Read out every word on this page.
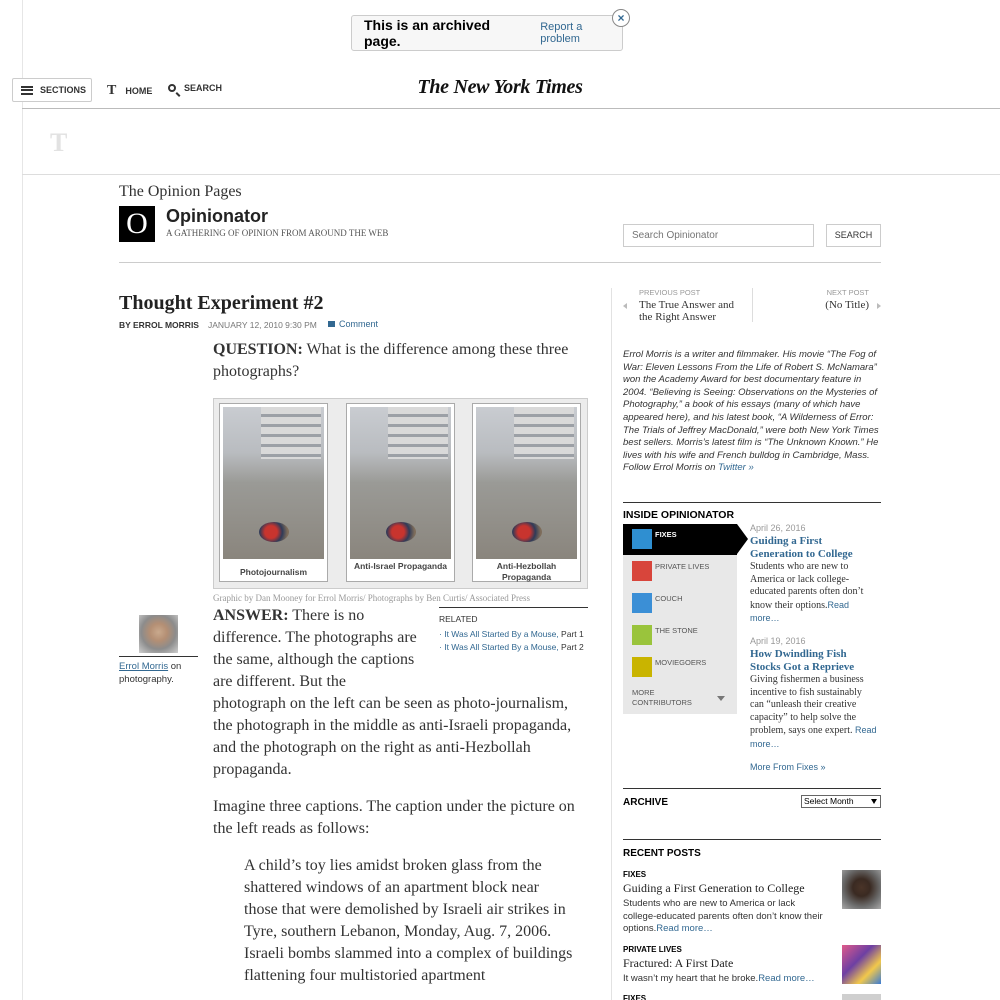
This is an archived page.
Report a problem
×
SECTIONS T HOME	SEARCH	The New York Times
T
The Opinion Pages
O	Opinionator
A GATHERING OF OPINION FROM AROUND THE WEB
Search Opinionator	SEARCH
Thought Experiment #2
BY ERROL MORRIS JANUARY 12, 2010 9:30 PM	Comment
QUESTION: What is the difference among these three photographs?
Photojournalism
Anti-Israel Propaganda	Anti-Hezbollah Propaganda
Graphic by Dan Mooney for Errol Morris/ Photographs by Ben Curtis/ Associated Press
Errol Morris on photography.
ANSWER: There is no difference. The photographs are the same, although the captions are different. But the
photograph on the left can be seen as photo-journalism, the photograph in the middle as anti-Israeli propaganda, and the photograph on the right as anti-Hezbollah propaganda.
RELATED
· It Was All Started By a Mouse, Part 1
· It Was All Started By a Mouse, Part 2
Imagine three captions. The caption under the picture on the left reads as follows:
A child’s toy lies amidst broken glass from the shattered windows of an apartment block near those that were demolished by Israeli air strikes in Tyre, southern Lebanon, Monday, Aug. 7, 2006. Israeli bombs slammed into a complex of buildings flattening four multistoried apartment
PREVIOUS POST
The True Answer and the Right Answer
NEXT POST
(No Title)
Errol Morris is a writer and filmmaker. His movie “The Fog of War: Eleven Lessons From the Life of Robert S. McNamara” won the Academy Award for best documentary feature in 2004. “Believing is Seeing: Observations on the Mysteries of Photography,” a book of his essays (many of which have appeared here), and his latest book, “A Wilderness of Error: The Trials of Jeffrey MacDonald,” were both New York Times best sellers. Morris’s latest film is “The Unknown Known.” He lives with his wife and French bulldog in Cambridge, Mass. Follow Errol Morris on Twitter »
INSIDE OPINIONATOR
FIXES
PRIVATE LIVES
COUCH
THE STONE
MOVIEGOERS
MORE CONTRIBUTORS
April 26, 2016
Guiding a First Generation to College
Students who are new to America or lack college-educated parents often don’t know their options.Read more…
April 19, 2016
How Dwindling Fish Stocks Got a Reprieve
Giving fishermen a business incentive to fish sustainably can “unleash their creative capacity” to help solve the problem, says one expert. Read more…
More From Fixes »
ARCHIVE	Select Month
RECENT POSTS
FIXES
Guiding a First Generation to College
Students who are new to America or lack college-educated parents often don’t know their options.Read more…
PRIVATE LIVES
Fractured: A First Date
It wasn’t my heart that he broke.Read more…
FIXES
